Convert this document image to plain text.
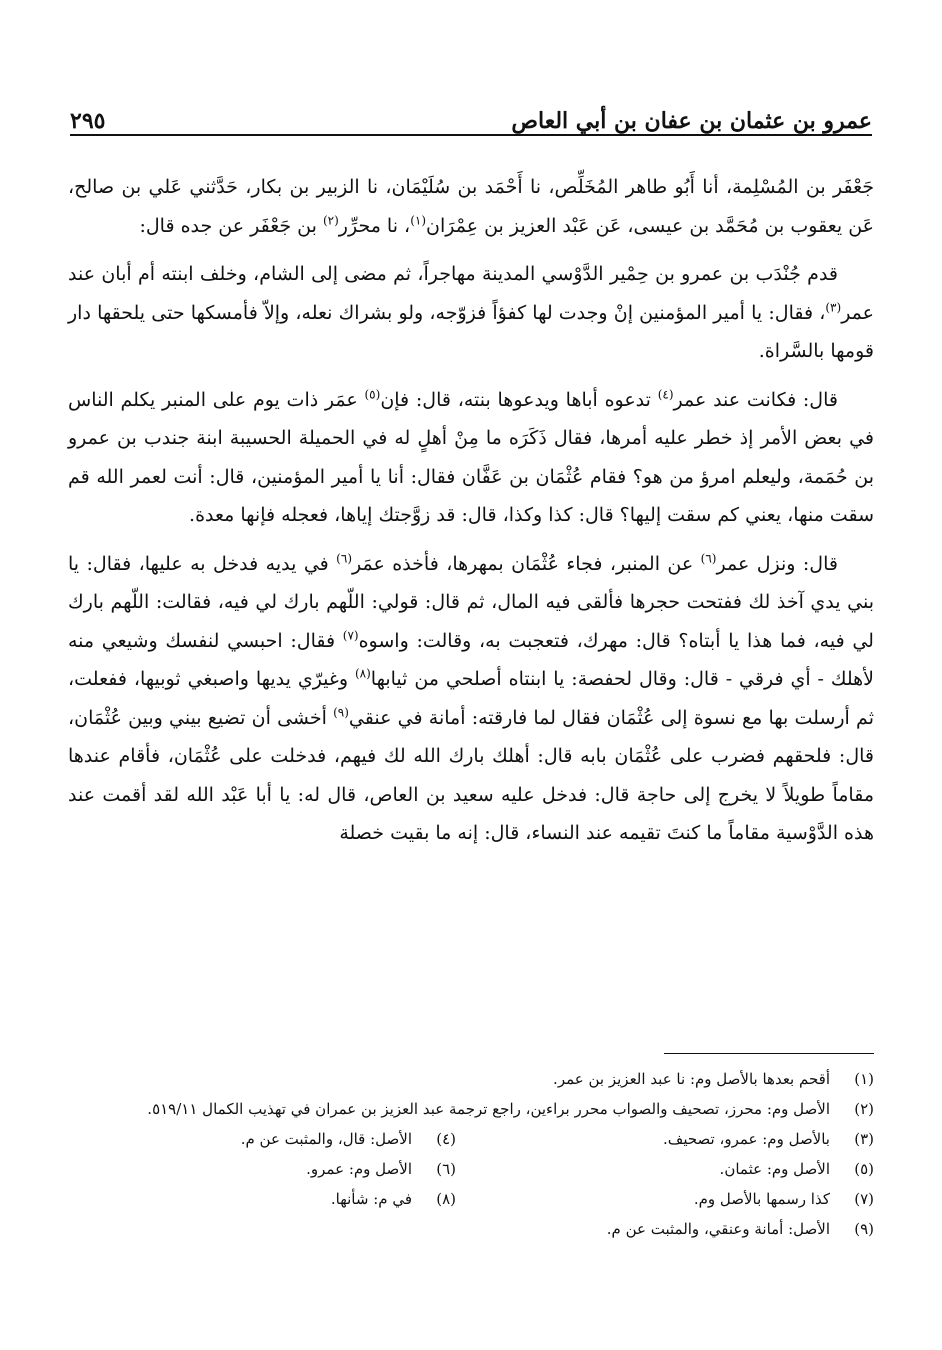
عمرو بن عثمان بن عفان بن أبي العاص
٢٩٥

جَعْفَر بن المُسْلِمة، أنا أَبُو طاهر المُخَلِّص، نا أَحْمَد بن سُلَيْمَان، نا الزبير بن بكار، حَدَّثني عَلي بن صالح، عَن يعقوب بن مُحَمَّد بن عيسى، عَن عَبْد العزيز بن عِمْرَان$^{(١)}$، نا محرِّر$^{(٢)}$ بن جَعْفَر عن جده قال:

قدم جُنْدَب بن عمرو بن حِمْير الدَّوْسي المدينة مهاجراً، ثم مضى إلى الشام، وخلف ابنته أم أبان عند عمر$^{(٣)}$، فقال: يا أمير المؤمنين إنْ وجدت لها كفؤاً فزوّجه، ولو بشراك نعله، وإلاّ فأمسكها حتى يلحقها دار قومها بالسَّراة.

قال: فكانت عند عمر$^{(٤)}$ تدعوه أباها ويدعوها بنته، قال: فإن$^{(٥)}$ عمَر ذات يوم على المنبر يكلم الناس في بعض الأمر إذ خطر عليه أمرها، فقال ذَكَرَه ما مِنْ أهلٍ له في الحميلة الحسيبة ابنة جندب بن عمرو بن حُمَمة، وليعلم امرؤ من هو؟ فقام عُثْمَان بن عَفَّان فقال: أنا يا أمير المؤمنين، قال: أنت لعمر الله قم سقت منها، يعني كم سقت إليها؟ قال: كذا وكذا، قال: قد زوَّجتك إياها، فعجله فإنها معدة.

قال: ونزل عمر$^{(٦)}$ عن المنبر، فجاء عُثْمَان بمهرها، فأخذه عمَر$^{(٦)}$ في يديه فدخل به عليها، فقال: يا بني يدي آخذ لك ففتحت حجرها فألقى فيه المال، ثم قال: قولي: اللّهم بارك لي فيه، فقالت: اللّهم بارك لي فيه، فما هذا يا أبتاه؟ قال: مهرك، فتعجبت به، وقالت: واسوه$^{(٧)}$ فقال: احبسي لنفسك وشيعي منه لأهلك - أي فرقي - قال: وقال لحفصة: يا ابنتاه أصلحي من ثيابها$^{(٨)}$ وغيرّي يديها واصبغي ثوبيها، ففعلت، ثم أرسلت بها مع نسوة إلى عُثْمَان فقال لما فارقته: أمانة في عنقي$^{(٩)}$ أخشى أن تضيع بيني وبين عُثْمَان، قال: فلحقهم فضرب على عُثْمَان بابه قال: أهلك بارك الله لك فيهم، فدخلت على عُثْمَان، فأقام عندها مقاماً طويلاً لا يخرج إلى حاجة قال: فدخل عليه سعيد بن العاص، قال له: يا أبا عَبْد الله لقد أقمت عند هذه الدَّوْسية مقاماً ما كنتَ تقيمه عند النساء، قال: إنه ما بقيت خصلة

(١)
أقحم بعدها بالأصل وم: نا عبد العزيز بن عمر.
(٢)
الأصل وم: محرز، تصحيف والصواب محرر براءين، راجع ترجمة عبد العزيز بن عمران في تهذيب الكمال ٥١٩/١١.
(٣)
بالأصل وم: عمرو، تصحيف.
(٤)
الأصل: قال، والمثبت عن م.
(٥)
الأصل وم: عثمان.
(٦)
الأصل وم: عمرو.
(٧)
كذا رسمها بالأصل وم.
(٨)
في م: شأنها.
(٩)
الأصل: أمانة وعنقي، والمثبت عن م.
